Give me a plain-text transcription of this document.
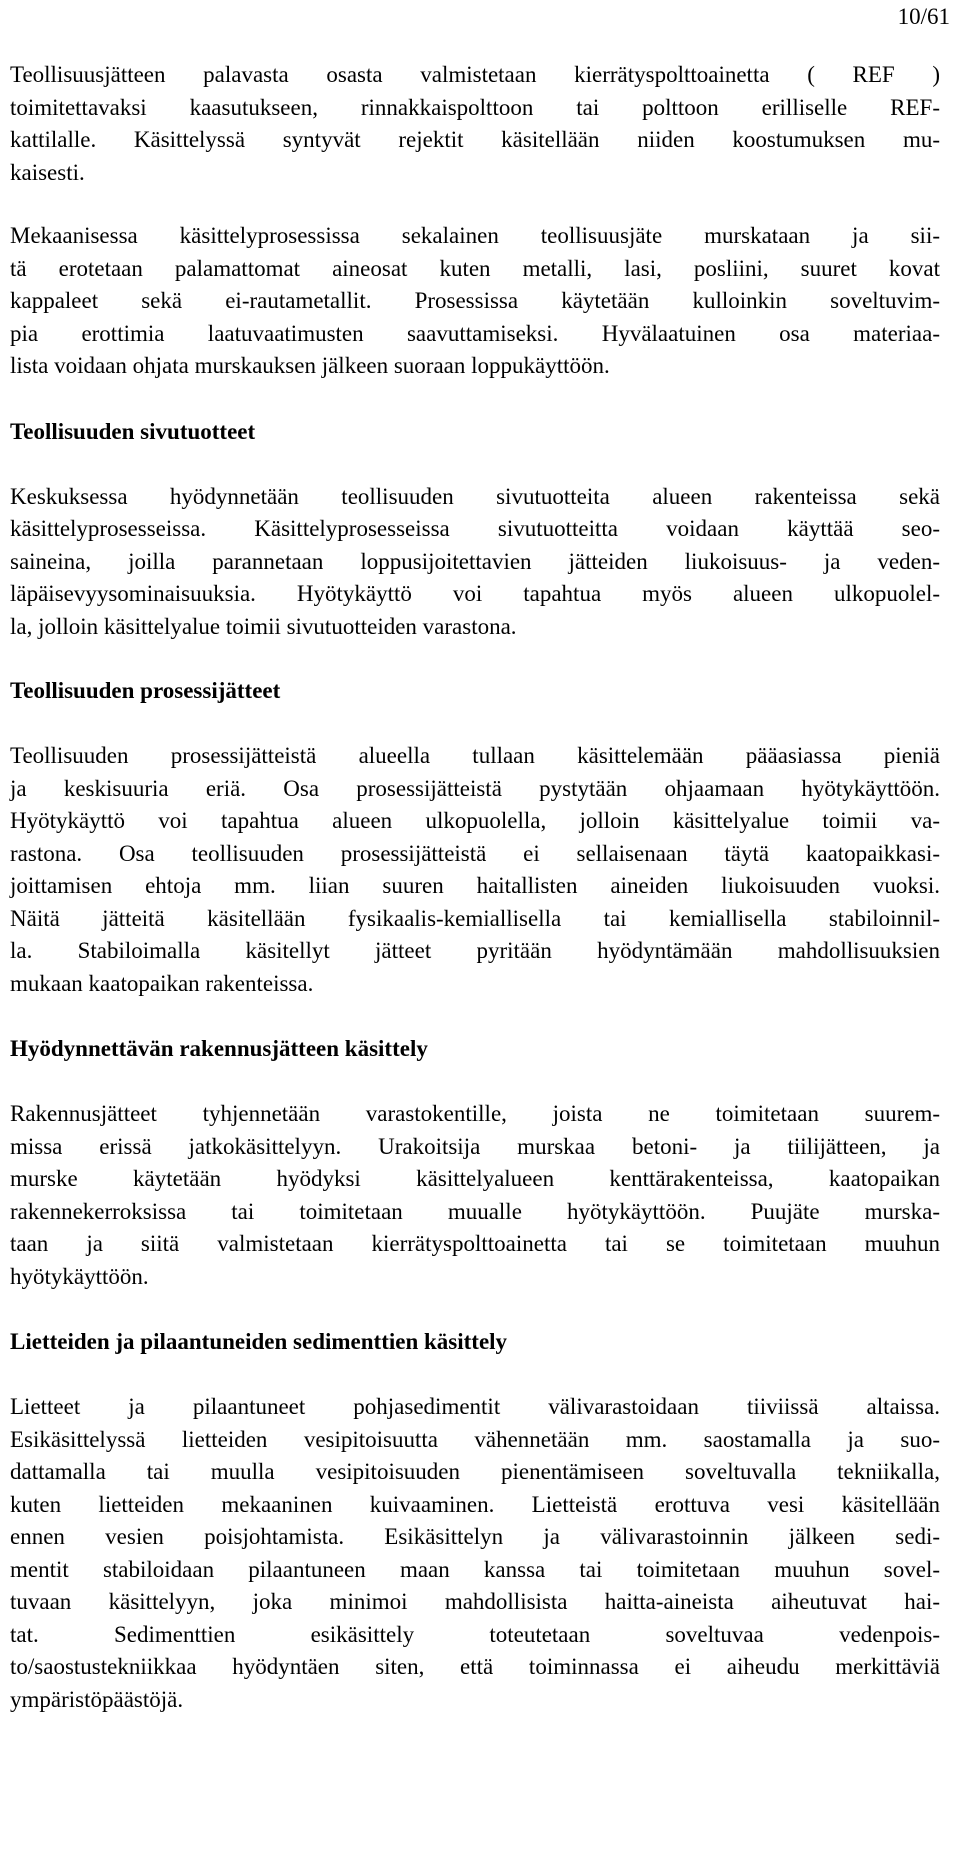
10/61

Teollisuusjätteen palavasta osasta valmistetaan kierrätyspolttoainetta ( REF )
toimitettavaksi kaasutukseen, rinnakkaispolttoon tai polttoon erilliselle REF-
kattilalle. Käsittelyssä syntyvät rejektit käsitellään niiden koostumuksen mu-
kaisesti.

Mekaanisessa käsittelyprosessissa sekalainen teollisuusjäte murskataan ja sii-
tä erotetaan palamattomat aineosat kuten metalli, lasi, posliini, suuret kovat
kappaleet sekä ei-rautametallit. Prosessissa käytetään kulloinkin soveltuvim-
pia erottimia laatuvaatimusten saavuttamiseksi. Hyvälaatuinen osa materiaa-
lista voidaan ohjata murskauksen jälkeen suoraan loppukäyttöön.

Teollisuuden sivutuotteet

Keskuksessa hyödynnetään teollisuuden sivutuotteita alueen rakenteissa sekä
käsittelyprosesseissa. Käsittelyprosesseissa sivutuotteitta voidaan käyttää seo-
saineina, joilla parannetaan loppusijoitettavien jätteiden liukoisuus- ja veden-
läpäisevyysominaisuuksia. Hyötykäyttö voi tapahtua myös alueen ulkopuolel-
la, jolloin käsittelyalue toimii sivutuotteiden varastona.

Teollisuuden prosessijätteet

Teollisuuden prosessijätteistä alueella tullaan käsittelemään pääasiassa pieniä
ja keskisuuria eriä. Osa prosessijätteistä pystytään ohjaamaan hyötykäyttöön.
Hyötykäyttö voi tapahtua alueen ulkopuolella, jolloin käsittelyalue toimii va-
rastona. Osa teollisuuden prosessijätteistä ei sellaisenaan täytä kaatopaikkasi-
joittamisen ehtoja mm. liian suuren haitallisten aineiden liukoisuuden vuoksi.
Näitä jätteitä käsitellään fysikaalis-kemiallisella tai kemiallisella stabiloinnil-
la. Stabiloimalla käsitellyt jätteet pyritään hyödyntämään mahdollisuuksien
mukaan kaatopaikan rakenteissa.

Hyödynnettävän rakennusjätteen käsittely

Rakennusjätteet tyhjennetään varastokentille, joista ne toimitetaan suurem-
missa erissä jatkokäsittelyyn. Urakoitsija murskaa betoni- ja tiilijätteen, ja
murske käytetään hyödyksi käsittelyalueen kenttärakenteissa, kaatopaikan
rakennekerroksissa tai toimitetaan muualle hyötykäyttöön. Puujäte murska-
taan ja siitä valmistetaan kierrätyspolttoainetta tai se toimitetaan muuhun
hyötykäyttöön.

Lietteiden ja pilaantuneiden sedimenttien käsittely

Lietteet ja pilaantuneet pohjasedimentit välivarastoidaan tiiviissä altaissa.
Esikäsittelyssä lietteiden vesipitoisuutta vähennetään mm. saostamalla ja suo-
dattamalla tai muulla vesipitoisuuden pienentämiseen soveltuvalla tekniikalla,
kuten lietteiden mekaaninen kuivaaminen. Lietteistä erottuva vesi käsitellään
ennen vesien poisjohtamista. Esikäsittelyn ja välivarastoinnin jälkeen sedi-
mentit stabiloidaan pilaantuneen maan kanssa tai toimitetaan muuhun sovel-
tuvaan käsittelyyn, joka minimoi mahdollisista haitta-aineista aiheutuvat hai-
tat. Sedimenttien esikäsittely toteutetaan soveltuvaa vedenpois-
to/saostustekniikkaa hyödyntäen siten, että toiminnassa ei aiheudu merkittäviä
ympäristöpäästöjä.
